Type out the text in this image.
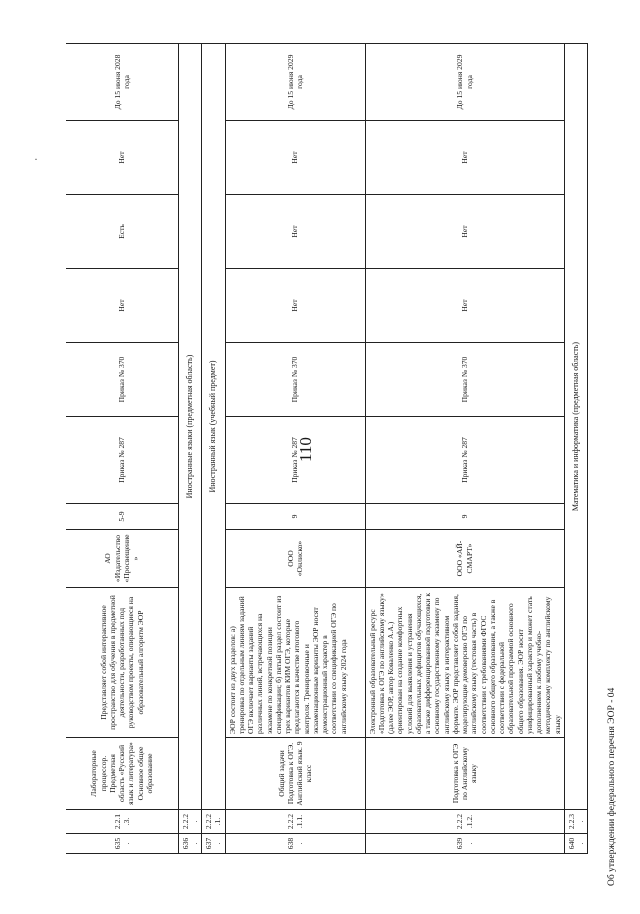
·
110
635.	2.2.1.3.	Лабораторные процессор. Предметная область «Русский язык и литература» Основное общее образование	Представляет собой интерактивное пространство для обучения в предметной деятельности, разработанных под руководством проекты, опирающиеся на образовательный алгоритм ЭОР	АО «Издательство «Просвещение»	5-9	Приказ № 287	Приказ № 370	Нет	Есть	Нет	До 15 июня 2028 года
636.	2.2.2.	Иностранные языки (предметная область)									
637.	2.2.2.1.	Иностранный язык (учебный предмет)									
638.	2.2.2.1.1.	Общий задачи Подготовка к ОГЭ. Английский язык. 9 класс	ЭОР состоит из двух разделов: а) тренировка по отдельным линиям заданий ОГЭ включает варианты заданий различных линий, встречающихся на экзамене по конкретной позиции спецификации; б) пятый раздел состоит из трех вариантов КИМ ОГЭ, которые предлагаются в качестве итогового контроля. Тренировочные и экзаменационные варианты ЭОР носят демонстрационный характер в соответствии со спецификацией ОГЭ по английскому языку 2024 года	ООО «Онлиско»	9	Приказ № 287	Приказ № 370	Нет	Нет	Нет	До 15 июня 2029 года
639.	2.2.2.1.2.	Подготовка к ОГЭ по Английскому языку	Электронный образовательный ресурс «Подготовка к ОГЭ по английскому языку» (далее ЭОР, автор Коваленко А.А.) ориентирован на создание комфортных условий для выявления и устранения образовательных дефицитов обучающихся, а также дифференцированной подготовки к основному государственному экзамену по английскому языку в интерактивном формате. ЭОР представляет собой задания, моделирующие демоверсию ОГЭ по английскому языку (тестовая часть) в соответствии с требованиями ФГОС основного общего образования, а также в соответствии с федеральной образовательной программой основного общего образования. ЭОР носит унифицированный характер и может стать дополнением к любому учебно-методическому комплекту по английскому языку	ООО «АЙ-СМАРТ»	9	Приказ № 287	Приказ № 370	Нет	Нет	Нет	До 15 июня 2029 года
640.	2.2.3.	Математика и информатика (предметная область)									
Об утверждении федерального перечня ЭОР - 04
